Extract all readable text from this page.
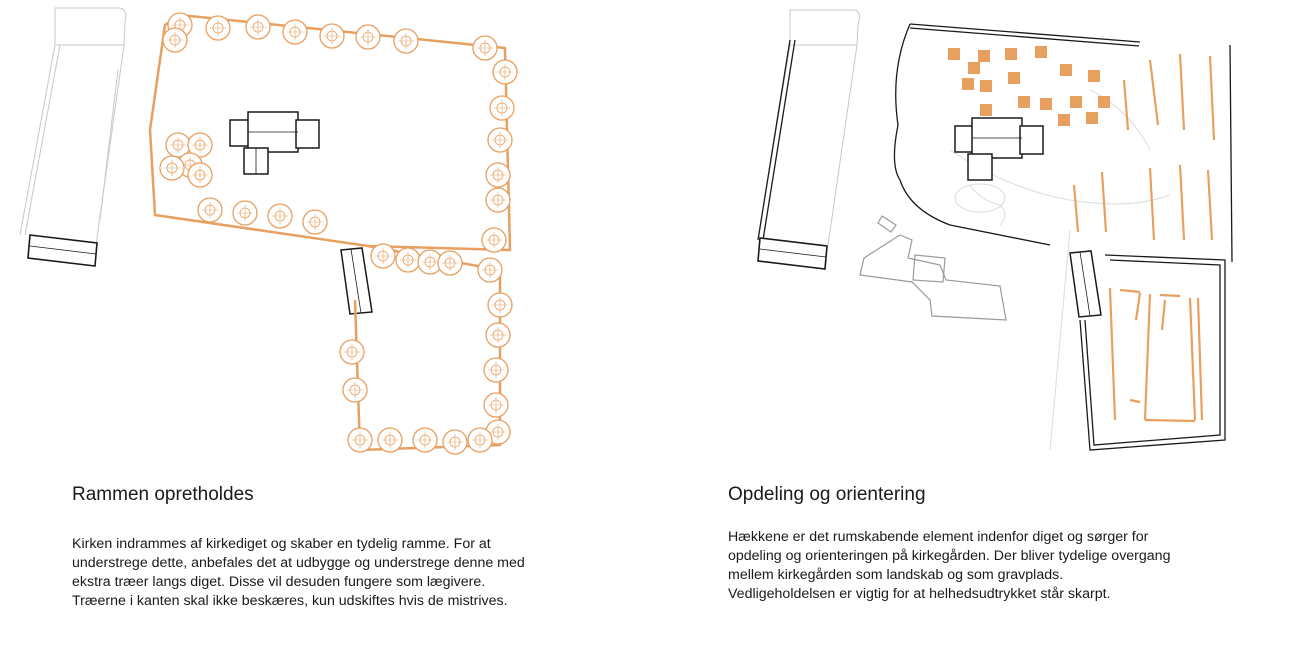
Rammen opretholdes
Kirken indrammes af kirkediget og skaber en tydelig ramme. For at
understrege dette, anbefales det at udbygge og understrege denne med
ekstra træer langs diget. Disse vil desuden fungere som lægivere.
Træerne i kanten skal ikke beskæres, kun udskiftes hvis de mistrives.
Opdeling og orientering
Hækkene er det rumskabende element indenfor diget og sørger for
opdeling og orienteringen på kirkegården. Der bliver tydelige overgang
mellem kirkegården som landskab og som gravplads.
Vedligeholdelsen er vigtig for at helhedsudtrykket står skarpt.
